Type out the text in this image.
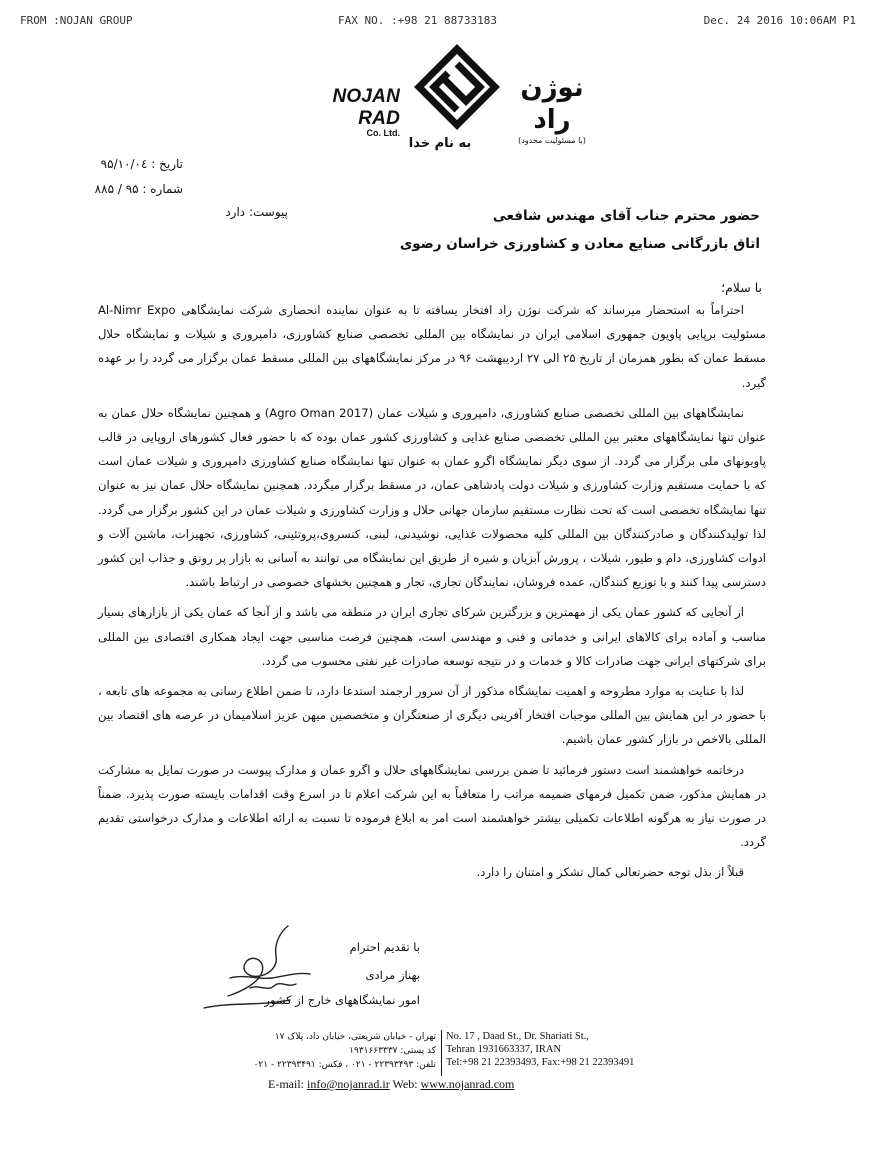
FROM :NOJAN GROUP	FAX NO. :+98 21 88733183	Dec. 24 2016 10:06AM P1
NOJAN RAD
Co. Ltd.
نوژن راد
(با مسئولیت محدود)
به نام خدا
تاریخ : ۹۵/۱۰/۰٤
شماره : ۹۵ / ۸۸۵
پیوست: دارد	حضور محترم جناب آقای مهندس شافعی
اتاق بازرگانی صنایع معادن و کشاورزی خراسان رضوی
با سلام؛

احتراماً به استحضار میرساند که شرکت نوژن راد افتخار یسافته تا به عنوان نماینده انحصاری شرکت نمایشگاهی Al-Nimr Expo مسئولیت برپایی پاویون جمهوری اسلامی ایران در نمایشگاه بین المللی تخصصی صنایع کشاورزی، دامپروری و شیلات و نمایشگاه حلال مسقط عمان که بطور همزمان از تاریخ ۲۵ الی ۲۷ اردیبهشت ۹۶ در مرکز نمایشگاههای بین المللی مسقط عمان برگزار می گردد را بر عهده گیرد.

نمایشگاههای بین المللی تخصصی صنایع کشاورزی، دامپروری و شیلات عمان (Agro Oman 2017) و همچنین نمایشگاه حلال عمان به عنوان تنها نمایشگاههای معتبر بین المللی تخصصی صنایع غذایی و کشاورزی کشور عمان بوده که با حضور فعال کشورهای اروپایی در قالب پاویونهای ملی برگزار می گردد. از سوی دیگر نمایشگاه اگرو عمان به عنوان تنها نمایشگاه صنایع کشاورزی دامپروری و شیلات عمان است که با حمایت مستقیم وزارت کشاورزی و شیلات دولت پادشاهی عمان، در مسقط برگزار میگردد. همچنین نمایشگاه حلال عمان نیز به عنوان تنها نمایشگاه تخصصی است که تحت نظارت مستقیم سازمان جهانی حلال و وزارت کشاورزی و شیلات عمان در این کشور برگزار می گردد. لذا تولیدکنندگان و صادرکنندگان بین المللی کلیه محصولات غذایی، نوشیدنی، لبنی، کنسروی،پروتئینی، کشاورزی، تجهیزات، ماشین آلات و ادوات کشاورزی، دام و طیور، شیلات ، پرورش آبزیان و شیره از طریق این نمایشگاه می توانند به آسانی به بازار پر رونق و جذاب این کشور دسترسی پیدا کنند و با توزیع کنندگان، عمده فروشان، نمایندگان تجاری، تجار و همچنین بخشهای خصوصی در ارتباط باشند.

از آنجایی که کشور عمان یکی از مهمترین و بزرگترین شرکای تجاری ایران در منطقه می باشد و از آنجا که عمان یکی از بازارهای بسیار مناسب و آماده برای کالاهای ایرانی و خدماتی و فنی و مهندسی است، همچنین فرصت مناسبی جهت ایجاد همکاری اقتصادی بین المللی برای شرکتهای ایرانی جهت صادرات کالا و خدمات و در نتیجه توسعه صادرات غیر نفتی محسوب می گردد.

لذا با عنایت به موارد مطروحه و اهمیت نمایشگاه مذکور از آن سرور ارجمند استدعا دارد، تا ضمن اطلاع رسانی به مجموعه های تابعه ، با حضور در این همایش بین المللی موجبات افتخار آفرینی دیگری از صنعتگران و متخصصین میهن عزیز اسلامیمان در عرصه های اقتصاد بین المللی بالاخص در بازار کشور عمان باشیم.

درخاتمه خواهشمند است دستور فرمائید تا ضمن بررسی نمایشگاههای حلال و اگرو عمان و مدارک پیوست در صورت تمایل به مشارکت در همایش مذکور، ضمن تکمیل فرمهای ضمیمه مراتب را متعاقباً به این شرکت اعلام تا در اسرع وقت اقدامات بایسته صورت پذیرد. ضمناً در صورت نیاز به هرگونه اطلاعات تکمیلی بیشتر خواهشمند است امر به ابلاغ فرموده تا نسبت به ارائه اطلاعات و مدارک درخواستی تقدیم گردد.

قبلاً از بذل توجه حضرتعالی کمال تشکر و امتنان را دارد.

با تقدیم احترام
بهناز مرادی
امور نمایشگاههای خارج از کشور
تهران - خیابان شریعتی، خیابان داد، پلاک ۱۷
کد پستی: ۱۹۳۱۶۶۳۳۳۷
تلفن: ۲۲۳۹۳۴۹۳ - ۰۲۱ ، فکس: ۲۲۳۹۳۴۹۱ - ۰۲۱
No. 17 , Daad St., Dr. Shariati St.,
Tehran 1931663337, IRAN
Tel:+98 21 22393493, Fax:+98 21 22393491
E-mail: info@nojanrad.ir Web: www.nojanrad.com
